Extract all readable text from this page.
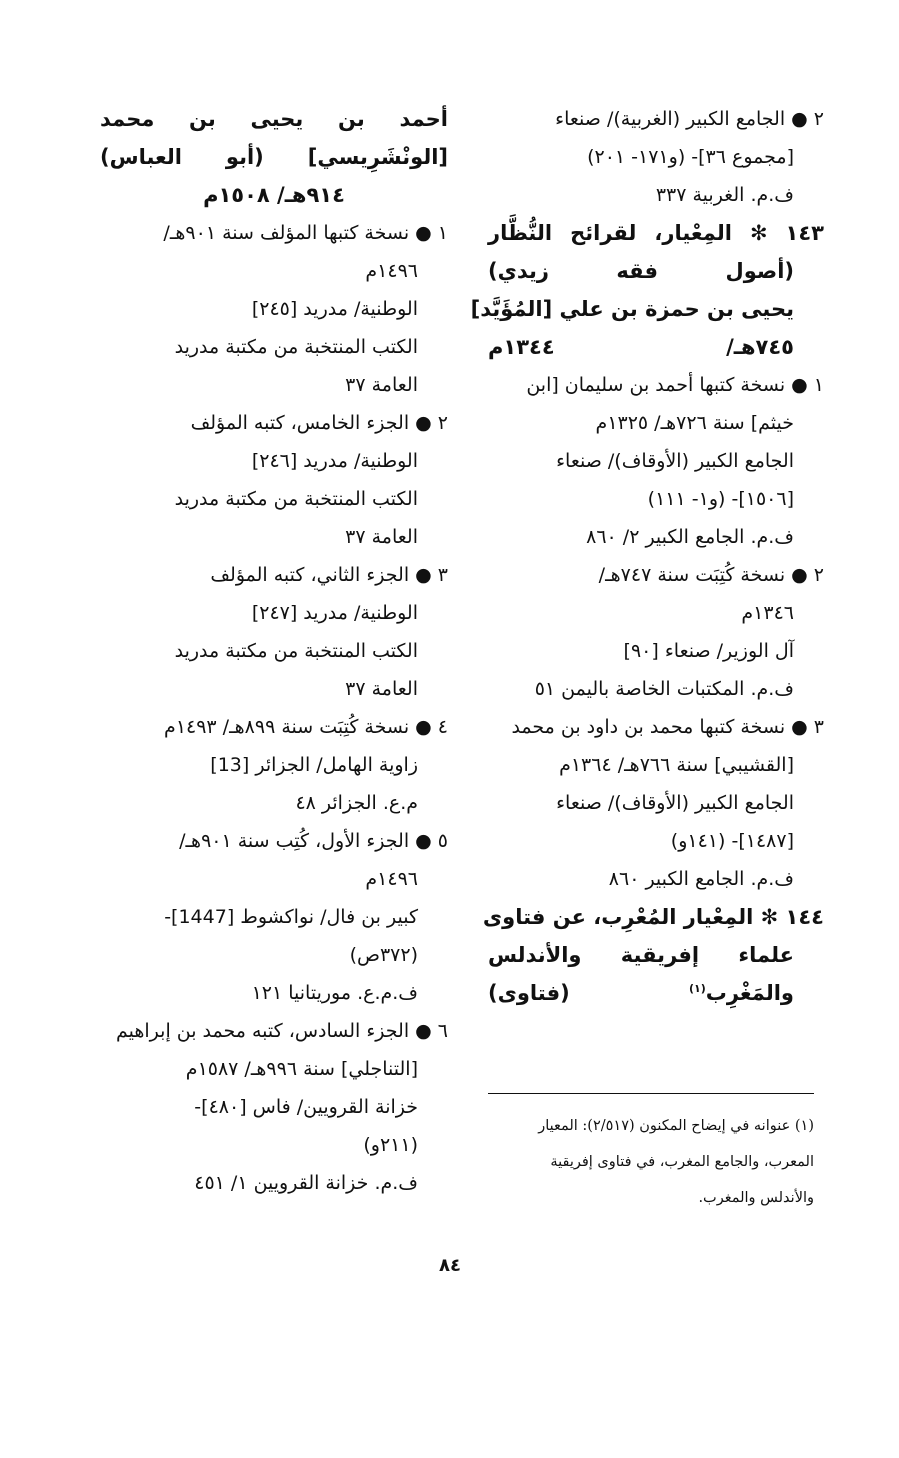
٢ ● الجامع الكبير (الغربية)/ صنعاء
[مجموع ٣٦]- (و١٧١- ٢٠١)
ف.م. الغربية ٣٣٧
١٤٣ ✻ المِعْيار، لقرائح النُّظَّار
(أصول فقه زيدي)
يحيى بن حمزة بن علي [المُؤَيَّد]
٧٤٥هـ/ ١٣٤٤م
١ ● نسخة كتبها أحمد بن سليمان [ابن
خيثم] سنة ٧٢٦هـ/ ١٣٢٥م
الجامع الكبير (الأوقاف)/ صنعاء
[١٥٠٦]- (و١- ١١١)
ف.م. الجامع الكبير ٢/ ٨٦٠
٢ ● نسخة كُتِبَت سنة ٧٤٧هـ/
١٣٤٦م
آل الوزير/ صنعاء [٩٠]
ف.م. المكتبات الخاصة باليمن ٥١
٣ ● نسخة كتبها محمد بن داود بن محمد
[القشيبي] سنة ٧٦٦هـ/ ١٣٦٤م
الجامع الكبير (الأوقاف)/ صنعاء
[١٤٨٧]- (١٤١و)
ف.م. الجامع الكبير ٨٦٠
١٤٤ ✻ المِعْيار المُعْرِب، عن فتاوى
علماء إفريقية والأندلس
والمَغْرِب$^{(١)}$ (فتاوى)
أحمد بن يحيى بن محمد
[الونْشَرِيسي] (أبو العباس)
٩١٤هـ/ ١٥٠٨م
١ ● نسخة كتبها المؤلف سنة ٩٠١هـ/
١٤٩٦م
الوطنية/ مدريد [٢٤٥]
الكتب المنتخبة من مكتبة مدريد
العامة ٣٧
٢ ● الجزء الخامس، كتبه المؤلف
الوطنية/ مدريد [٢٤٦]
الكتب المنتخبة من مكتبة مدريد
العامة ٣٧
٣ ● الجزء الثاني، كتبه المؤلف
الوطنية/ مدريد [٢٤٧]
الكتب المنتخبة من مكتبة مدريد
العامة ٣٧
٤ ● نسخة كُتِبَت سنة ٨٩٩هـ/ ١٤٩٣م
زاوية الهامل/ الجزائر [13]
م.ع. الجزائر ٤٨
٥ ● الجزء الأول، كُتِب سنة ٩٠١هـ/
١٤٩٦م
كبير بن فال/ نواكشوط [1447]-
(٣٧٢ص)
ف.م.ع. موريتانيا ١٢١
٦ ● الجزء السادس، كتبه محمد بن إبراهيم
[التناجلي] سنة ٩٩٦هـ/ ١٥٨٧م
خزانة القرويين/ فاس [٤٨٠]-
(٢١١و)
ف.م. خزانة القرويين ١/ ٤٥١
(١) عنوانه في إيضاح المكنون (٢/٥١٧): المعيار
المعرب، والجامع المغرب، في فتاوى إفريقية
والأندلس والمغرب.
٨٤
